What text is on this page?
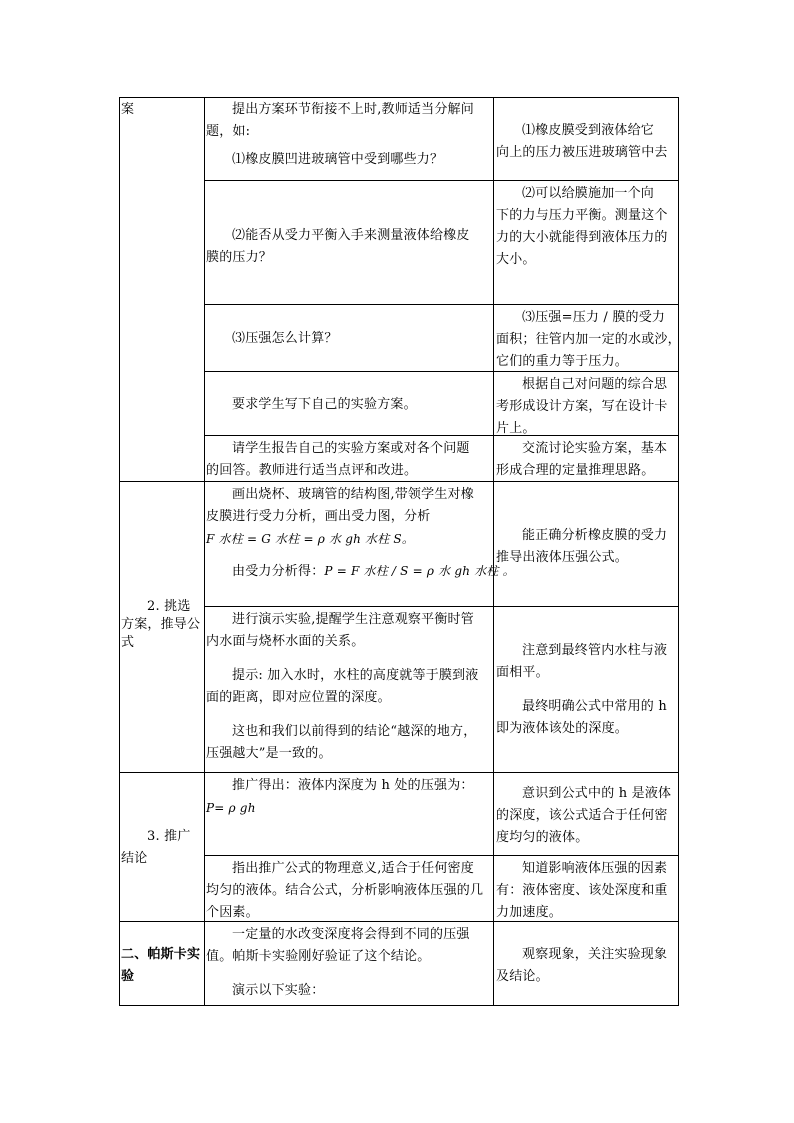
案

2. 挑选

方案，推导公

式

3. 推广

结论

二、帕斯卡实

验

提出方案环节衔接不上时,教师适当分解问

题，如:

⑴橡皮膜凹进玻璃管中受到哪些力？

⑴橡皮膜受到液体给它

向上的压力被压进玻璃管中去

⑵能否从受力平衡入手来测量液体给橡皮

膜的压力？

⑵可以给膜施加一个向

下的力与压力平衡。测量这个

力的大小就能得到液体压力的

大小。

⑶压强怎么计算？

⑶压强=压力 / 膜的受力

面积；往管内加一定的水或沙，

它们的重力等于压力。

要求学生写下自己的实验方案。

根据自己对问题的综合思

考形成设计方案，写在设计卡

片上。

请学生报告自己的实验方案或对各个问题

的回答。教师进行适当点评和改进。

交流讨论实验方案，基本

形成合理的定量推理思路。

画出烧杯、玻璃管的结构图,带领学生对橡

皮膜进行受力分析，画出受力图，分析

F 水柱 = G 水柱 = ρ 水 gh 水柱 S。

由受力分析得：P = F 水柱 / S = ρ 水 gh 水柱 。

能正确分析橡皮膜的受力

推导出液体压强公式。

进行演示实验,提醒学生注意观察平衡时管

内水面与烧杯水面的关系。

提示: 加入水时，水柱的高度就等于膜到液

面的距离，即对应位置的深度。

这也和我们以前得到的结论“越深的地方，

压强越大”是一致的。

注意到最终管内水柱与液

面相平。

最终明确公式中常用的 h

即为液体该处的深度。

推广得出：液体内深度为 h 处的压强为：

P= ρ gh

意识到公式中的 h 是液体

的深度，该公式适合于任何密

度均匀的液体。

指出推广公式的物理意义,适合于任何密度

均匀的液体。结合公式，分析影响液体压强的几

个因素。

知道影响液体压强的因素

有：液体密度、该处深度和重

力加速度。

一定量的水改变深度将会得到不同的压强

值。帕斯卡实验刚好验证了这个结论。

演示以下实验：

观察现象，关注实验现象

及结论。
